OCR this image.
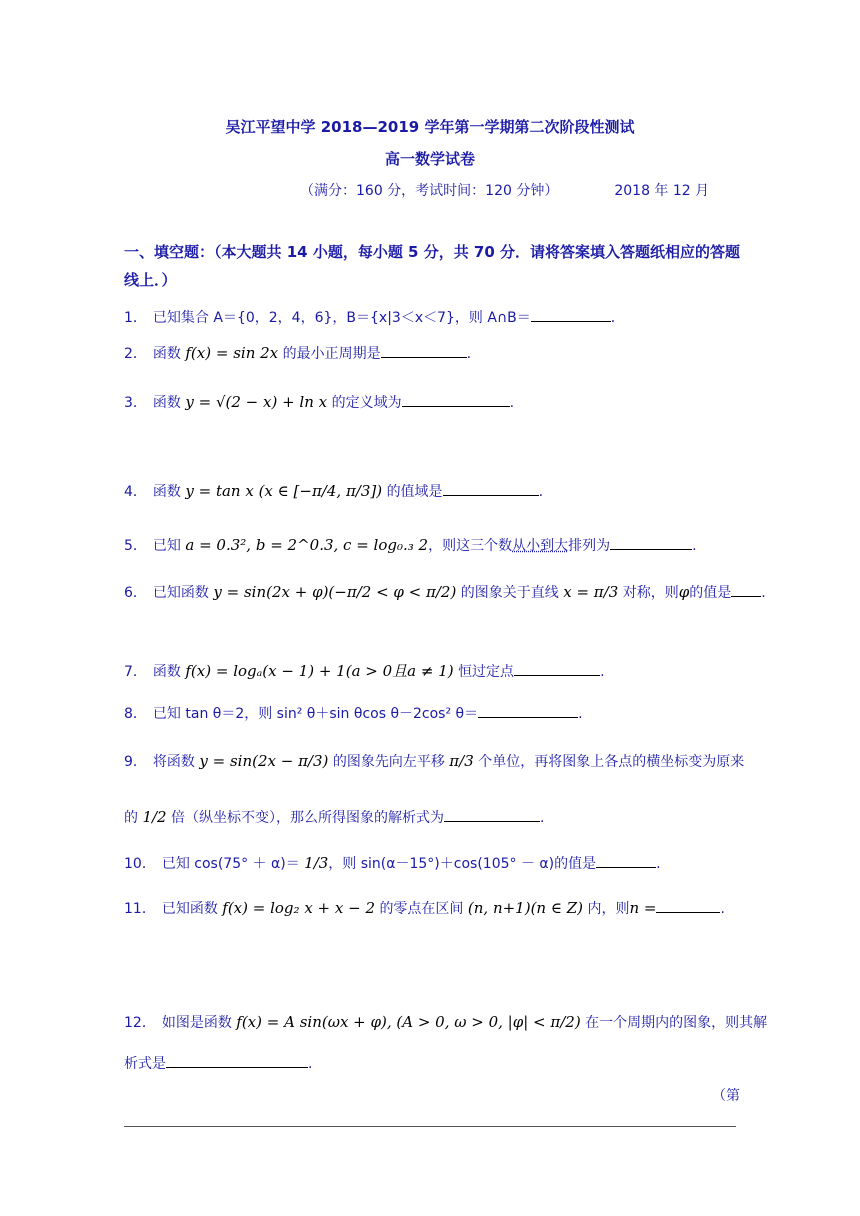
吴江平望中学 2018—2019 学年第一学期第二次阶段性测试
高一数学试卷
（满分：160 分，考试时间：120 分钟）	2018 年 12 月
一、填空题：（本大题共 14 小题，每小题 5 分，共 70 分．请将答案填入答题纸相应的答题线上．）
1． 已知集合 A＝{0，2，4，6}，B＝{x|3＜x＜7}，则 A∩B＝	．
2． 函数 f(x) = sin 2x 的最小正周期是	.
3． 函数 y = √(2 − x) + ln x 的定义域为	.
4． 函数 y = tan x (x ∈ [−π/4, π/3]) 的值域是	.
5． 已知 a = 0.3², b = 2^0.3, c = log₀.₃ 2，则这三个数从小到大排列为	.
6． 已知函数 y = sin(2x + φ)(−π/2 < φ < π/2) 的图象关于直线 x = π/3 对称，则φ的值是 .
7． 函数 f(x) = logₐ(x − 1) + 1(a > 0且a ≠ 1) 恒过定点	.
8． 已知 tan θ＝2，则 sin² θ＋sin θcos θ－2cos² θ＝	.
9． 将函数 y = sin(2x − π/3) 的图象先向左平移 π/3 个单位，再将图象上各点的横坐标变为原来
的 1/2 倍（纵坐标不变），那么所得图象的解析式为	.
10． 已知 cos(75° ＋ α)＝ 1/3，则 sin(α－15°)＋cos(105° － α)的值是	.
11． 已知函数 f(x) = log₂ x + x − 2 的零点在区间 (n, n+1)(n ∈ Z) 内，则n =	.
12． 如图是函数 f(x) = A sin(ωx + φ), (A > 0, ω > 0, |φ| < π/2) 在一个周期内的图象，则其解
析式是	.
（第
